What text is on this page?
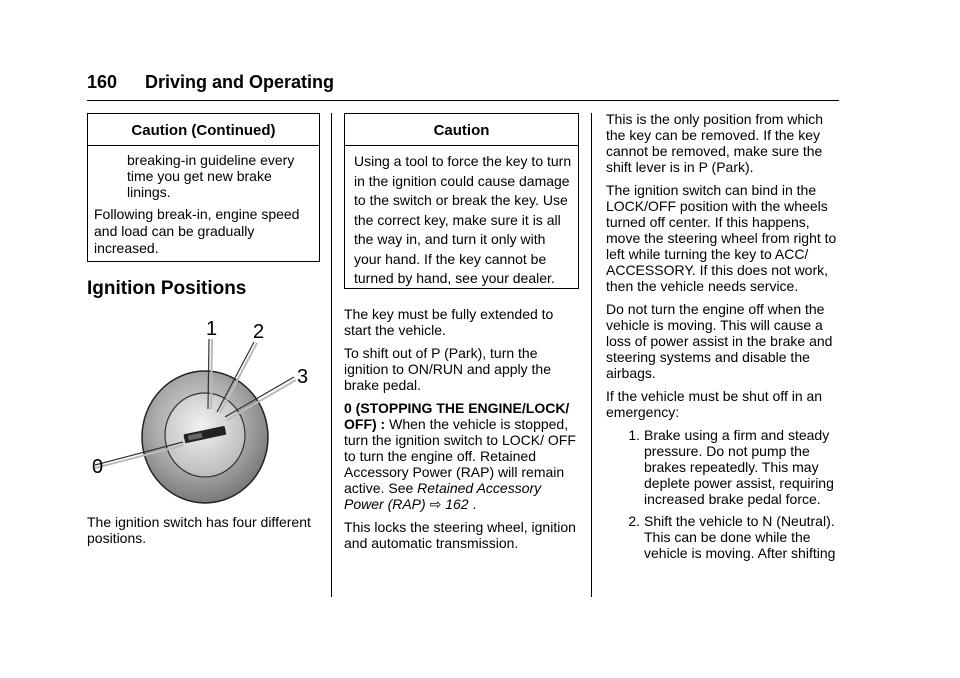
160 Driving and Operating
Caution (Continued)

breaking-in guideline every time you get new brake linings.

Following break-in, engine speed and load can be gradually increased.

Ignition Positions
1 2
3
0

The ignition switch has four different positions.

Caution
Using a tool to force the key to turn in the ignition could cause damage to the switch or break the key. Use the correct key, make sure it is all the way in, and turn it only with your hand. If the key cannot be turned by hand, see your dealer.

The key must be fully extended to start the vehicle.

To shift out of P (Park), turn the ignition to ON/RUN and apply the brake pedal.

0 (STOPPING THE ENGINE/LOCK/ OFF) : When the vehicle is stopped, turn the ignition switch to LOCK/ OFF to turn the engine off. Retained Accessory Power (RAP) will remain active. See Retained Accessory Power (RAP) ⇨ 162 .

This locks the steering wheel, ignition and automatic transmission.

This is the only position from which the key can be removed. If the key cannot be removed, make sure the shift lever is in P (Park).

The ignition switch can bind in the LOCK/OFF position with the wheels turned off center. If this happens, move the steering wheel from right to left while turning the key to ACC/ ACCESSORY. If this does not work, then the vehicle needs service.

Do not turn the engine off when the vehicle is moving. This will cause a loss of power assist in the brake and steering systems and disable the airbags.

If the vehicle must be shut off in an emergency:

1. Brake using a firm and steady pressure. Do not pump the brakes repeatedly. This may deplete power assist, requiring increased brake pedal force.
2. Shift the vehicle to N (Neutral). This can be done while the vehicle is moving. After shifting
